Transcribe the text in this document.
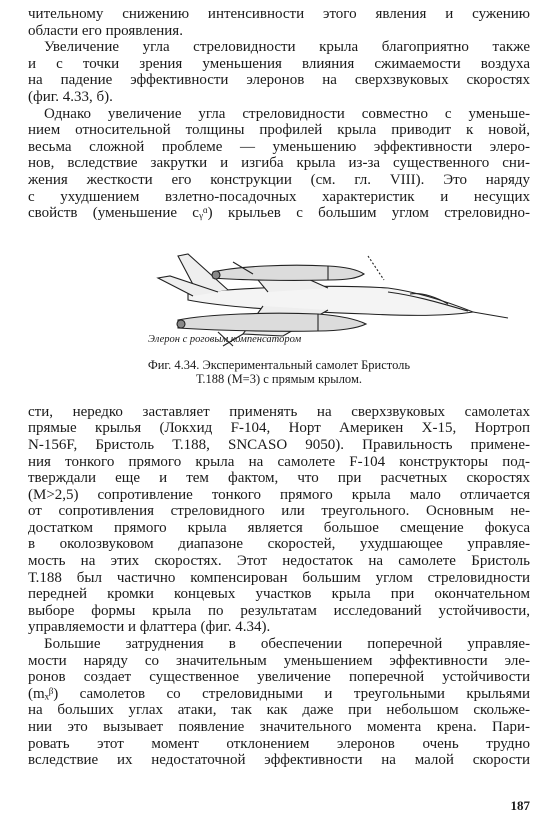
чительному снижению интенсивности этого явления и сужению
области его проявления.
Увеличение угла стреловидности крыла благоприятно также
и с точки зрения уменьшения влияния сжимаемости воздуха
на падение эффективности элеронов на сверхзвуковых скоростях
(фиг. 4.33, б).
Однако увеличение угла стреловидности совместно с уменьше-
нием относительной толщины профилей крыла приводит к новой,
весьма сложной проблеме — уменьшению эффективности элеро-
нов, вследствие закрутки и изгиба крыла из-за существенного сни-
жения жесткости его конструкции (см. гл. VIII). Это наряду
с ухудшением взлетно-посадочных характеристик и несущих
свойств (уменьшение cᵧᵅ) крыльев с большим углом стреловидно-
Элерон с роговым компенсатором
Фиг. 4.34. Экспериментальный самолет Бристоль
Т.188 (М=3) с прямым крылом.
сти, нередко заставляет применять на сверхзвуковых самолетах
прямые крылья (Локхид F-104, Норт Америкен Х-15, Нортроп
N-156F, Бристоль Т.188, SNCASO 9050). Правильность примене-
ния тонкого прямого крыла на самолете F-104 конструкторы под-
тверждали еще и тем фактом, что при расчетных скоростях
(M>2,5) сопротивление тонкого прямого крыла мало отличается
от сопротивления стреловидного или треугольного. Основным не-
достатком прямого крыла является большое смещение фокуса
в околозвуковом диапазоне скоростей, ухудшающее управляе-
мость на этих скоростях. Этот недостаток на самолете Бристоль
Т.188 был частично компенсирован большим углом стреловидности
передней кромки концевых участков крыла при окончательном
выборе формы крыла по результатам исследований устойчивости,
управляемости и флаттера (фиг. 4.34).
Большие затруднения в обеспечении поперечной управляе-
мости наряду со значительным уменьшением эффективности эле-
ронов создает существенное увеличение поперечной устойчивости
(mₓᵝ) самолетов со стреловидными и треугольными крыльями
на больших углах атаки, так как даже при небольшом скольже-
нии это вызывает появление значительного момента крена. Пари-
ровать этот момент отклонением элеронов очень трудно
вследствие их недостаточной эффективности на малой скорости
187
